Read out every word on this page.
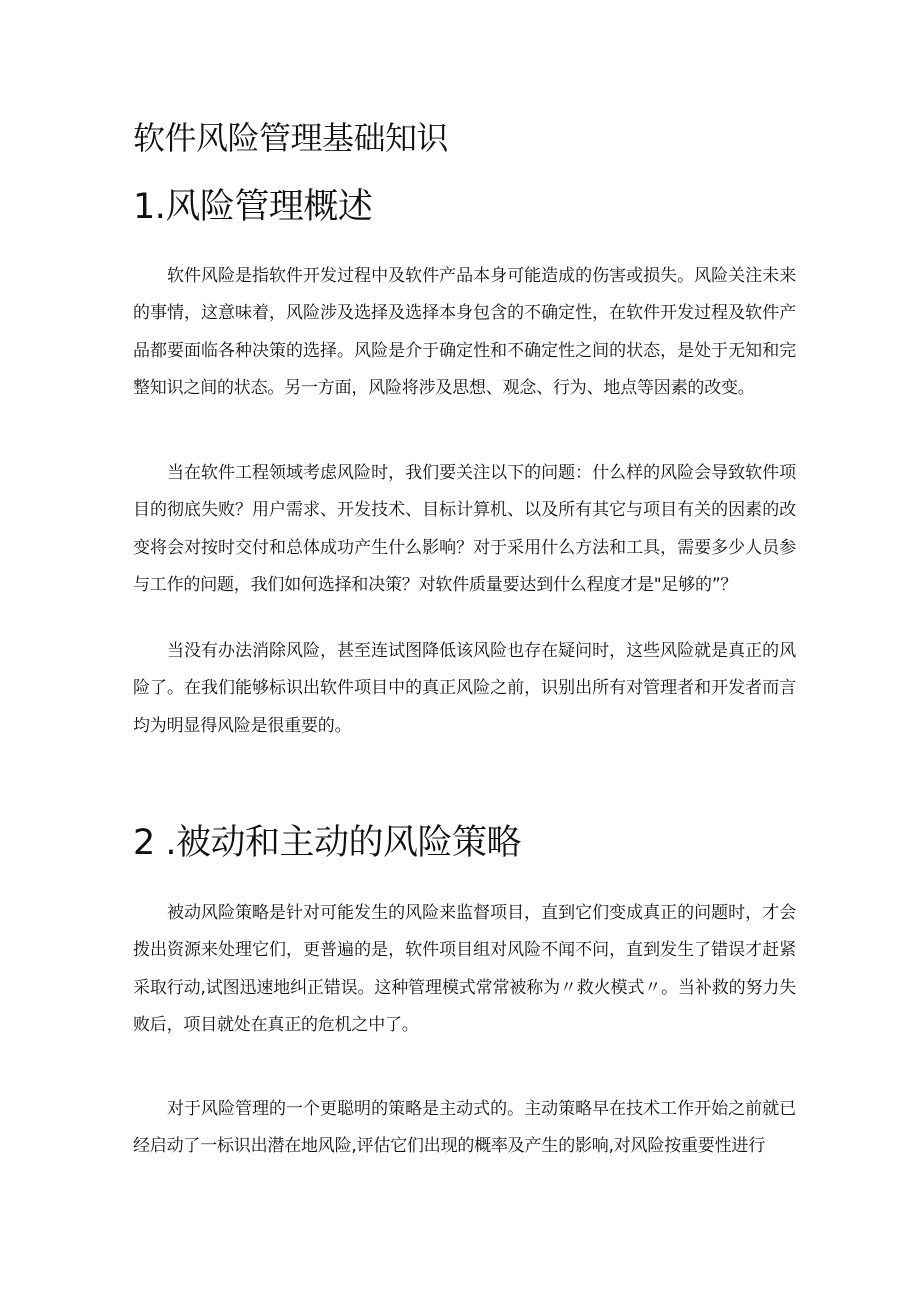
软件风险管理基础知识
1.风险管理概述

软件风险是指软件开发过程中及软件产品本身可能造成的伤害或损失。风险关注未来的事情，这意味着，风险涉及选择及选择本身包含的不确定性，在软件开发过程及软件产品都要面临各种决策的选择。风险是介于确定性和不确定性之间的状态，是处于无知和完整知识之间的状态。另一方面，风险将涉及思想、观念、行为、地点等因素的改变。

当在软件工程领域考虑风险时，我们要关注以下的问题：什么样的风险会导致软件项目的彻底失败？用户需求、开发技术、目标计算机、以及所有其它与项目有关的因素的改变将会对按时交付和总体成功产生什么影响？对于采用什么方法和工具，需要多少人员参与工作的问题，我们如何选择和决策？对软件质量要达到什么程度才是"足够的”？

当没有办法消除风险，甚至连试图降低该风险也存在疑问时，这些风险就是真正的风险了。在我们能够标识出软件项目中的真正风险之前，识别出所有对管理者和开发者而言均为明显得风险是很重要的。

2 .被动和主动的风险策略

被动风险策略是针对可能发生的风险来监督项目，直到它们变成真正的问题时，才会拨出资源来处理它们，更普遍的是，软件项目组对风险不闻不问，直到发生了错误才赶紧采取行动,试图迅速地纠正错误。这种管理模式常常被称为〃救火模式〃。当补救的努力失败后，项目就处在真正的危机之中了。

对于风险管理的一个更聪明的策略是主动式的。主动策略早在技术工作开始之前就已经启动了一标识出潜在地风险,评估它们出现的概率及产生的影响,对风险按重要性进行
